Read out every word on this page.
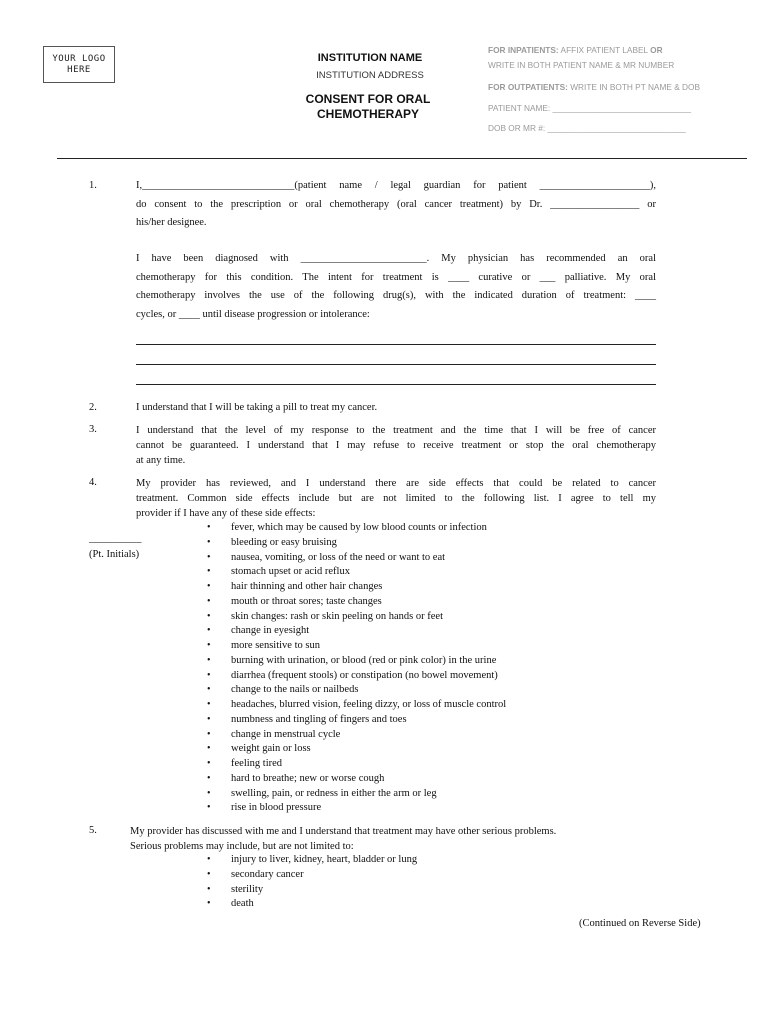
YOUR LOGO
HERE
INSTITUTION NAME
INSTITUTION ADDRESS
CONSENT FOR ORAL
CHEMOTHERAPY
FOR INPATIENTS: AFFIX PATIENT LABEL OR
WRITE IN BOTH PATIENT NAME & MR NUMBER
FOR OUTPATIENTS: WRITE IN BOTH PT NAME & DOB
PATIENT NAME: ______________________________
DOB OR MR #: ______________________________
1.	I,_____________________________(patient name / legal guardian for patient _____________________),
do consent to the prescription or oral chemotherapy (oral cancer treatment) by Dr. _________________ or
his/her designee.
I have been diagnosed with ________________________. My physician has recommended an oral
chemotherapy for this condition. The intent for treatment is ____ curative or ___ palliative. My oral
chemotherapy involves the use of the following drug(s), with the indicated duration of treatment: ____
cycles, or ____ until disease progression or intolerance:
2.	I understand that I will be taking a pill to treat my cancer.
3.	I understand that the level of my response to the treatment and the time that I will be free of cancer
cannot be guaranteed. I understand that I may refuse to receive treatment or stop the oral chemotherapy
at any time.
4.	My provider has reviewed, and I understand there are side effects that could be related to cancer
treatment. Common side effects include but are not limited to the following list. I agree to tell my
provider if I have any of these side effects:
__________
(Pt. Initials)
• fever, which may be caused by low blood counts or infection
• bleeding or easy bruising
• nausea, vomiting, or loss of the need or want to eat
• stomach upset or acid reflux
• hair thinning and other hair changes
• mouth or throat sores; taste changes
• skin changes: rash or skin peeling on hands or feet
• change in eyesight
• more sensitive to sun
• burning with urination, or blood (red or pink color) in the urine
• diarrhea (frequent stools) or constipation (no bowel movement)
• change to the nails or nailbeds
• headaches, blurred vision, feeling dizzy, or loss of muscle control
• numbness and tingling of fingers and toes
• change in menstrual cycle
• weight gain or loss
• feeling tired
• hard to breathe; new or worse cough
• swelling, pain, or redness in either the arm or leg
• rise in blood pressure
5.	My provider has discussed with me and I understand that treatment may have other serious problems.
Serious problems may include, but are not limited to:
• injury to liver, kidney, heart, bladder or lung
• secondary cancer
• sterility
• death
(Continued on Reverse Side)
